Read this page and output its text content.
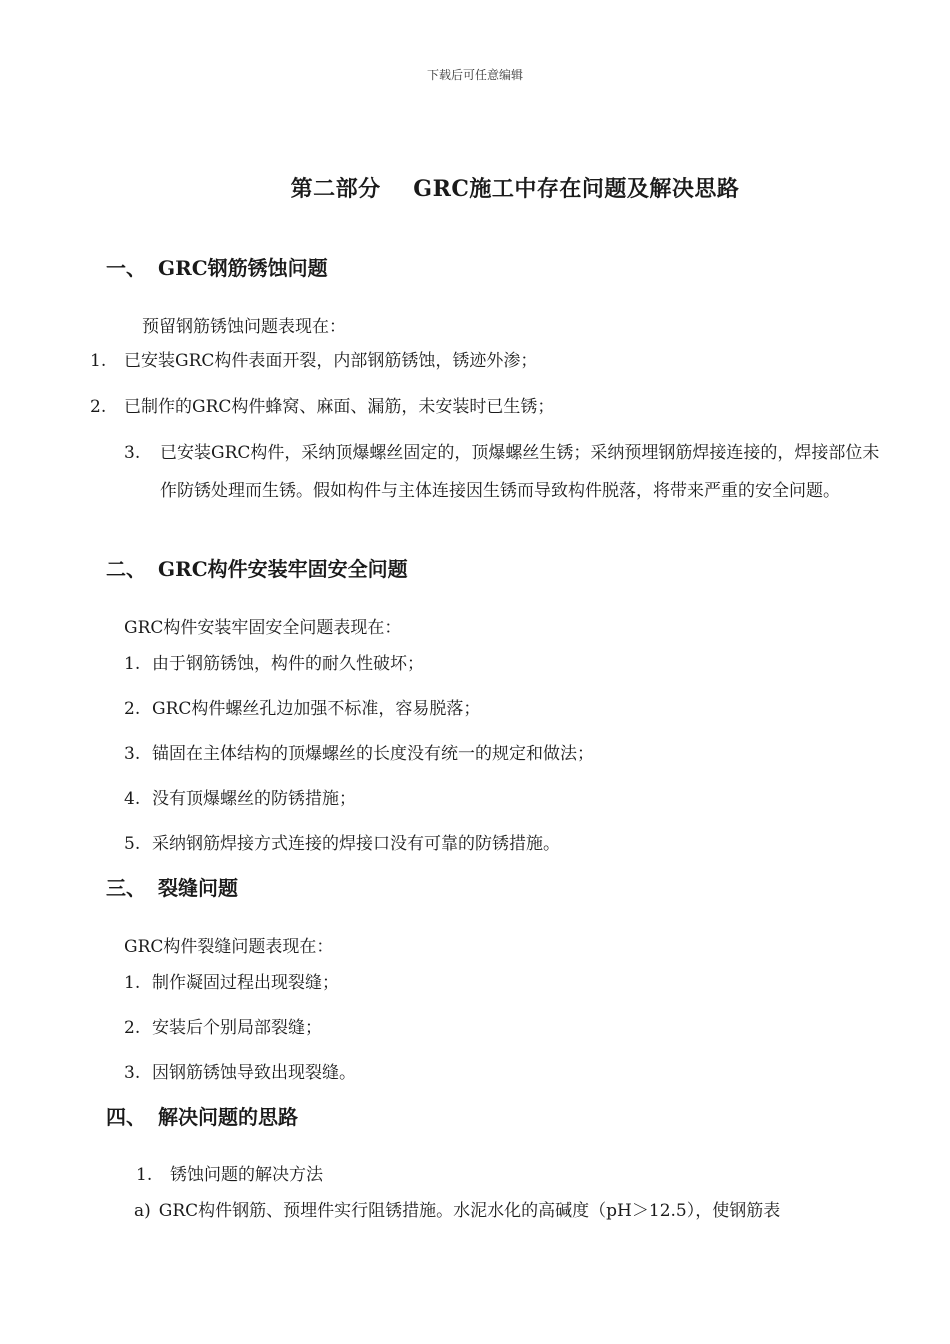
下载后可任意编辑
第二部分 GRC施工中存在问题及解决思路
一、 GRC钢筋锈蚀问题
预留钢筋锈蚀问题表现在：
1. 已安装GRC构件表面开裂，内部钢筋锈蚀，锈迹外渗；
2. 已制作的GRC构件蜂窝、麻面、漏筋，未安装时已生锈；
3. 已安装GRC构件，采纳顶爆螺丝固定的，顶爆螺丝生锈；采纳预埋钢筋焊接连接的，焊接部位未作防锈处理而生锈。假如构件与主体连接因生锈而导致构件脱落，将带来严重的安全问题。
二、 GRC构件安装牢固安全问题
GRC构件安装牢固安全问题表现在：
1. 由于钢筋锈蚀，构件的耐久性破坏；
2. GRC构件螺丝孔边加强不标准，容易脱落；
3. 锚固在主体结构的顶爆螺丝的长度没有统一的规定和做法；
4. 没有顶爆螺丝的防锈措施；
5. 采纳钢筋焊接方式连接的焊接口没有可靠的防锈措施。
三、 裂缝问题
GRC构件裂缝问题表现在：
1. 制作凝固过程出现裂缝；
2. 安装后个别局部裂缝；
3. 因钢筋锈蚀导致出现裂缝。
四、 解决问题的思路
1. 锈蚀问题的解决方法
a) GRC构件钢筋、预埋件实行阻锈措施。水泥水化的高碱度（pH＞12.5），使钢筋表
